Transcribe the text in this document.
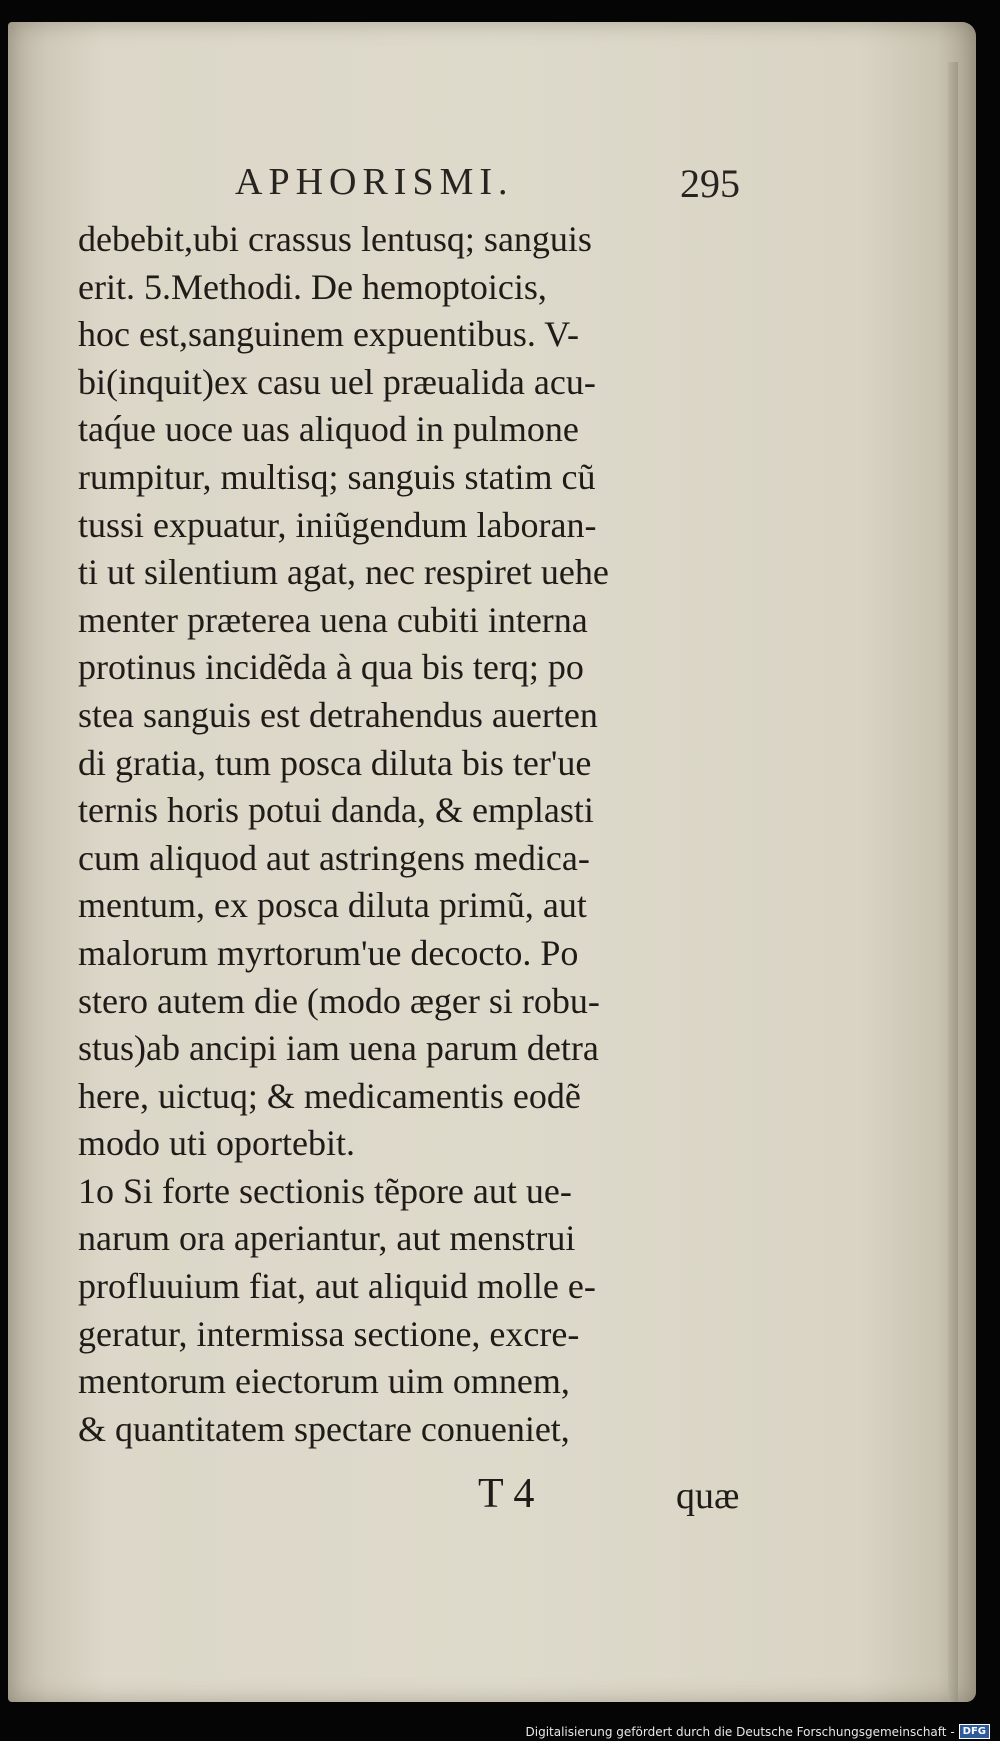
APHORISMI.	295
debebit,ubi crassus lentusq; sanguis
erit. 5.Methodi. De hemoptoicis,
hoc est,sanguinem expuentibus. V-
bi(inquit)ex casu uel præualida acu-
taq́ue uoce uas aliquod in pulmone
rumpitur, multisq; sanguis statim cũ
tussi expuatur, iniũgendum laboran-
ti ut silentium agat, nec respiret uehe
menter præterea uena cubiti interna
protinus incidẽda à qua bis terq; po
stea sanguis est detrahendus auerten
di gratia, tum posca diluta bis ter'ue
ternis horis potui danda, & emplasti
cum aliquod aut astringens medica-
mentum, ex posca diluta primũ, aut
malorum myrtorum'ue decocto. Po
stero autem die (modo æger si robu-
stus)ab ancipi iam uena parum detra
here, uictuq; & medicamentis eodẽ
modo uti oportebit.
1o Si forte sectionis tẽpore aut ue-
narum ora aperiantur, aut menstrui
profluuium fiat, aut aliquid molle e-
geratur, intermissa sectione, excre-
mentorum eiectorum uim omnem,
& quantitatem spectare conueniet,
T 4	quæ
Digitalisierung gefördert durch die Deutsche Forschungsgemeinschaft - DFG
